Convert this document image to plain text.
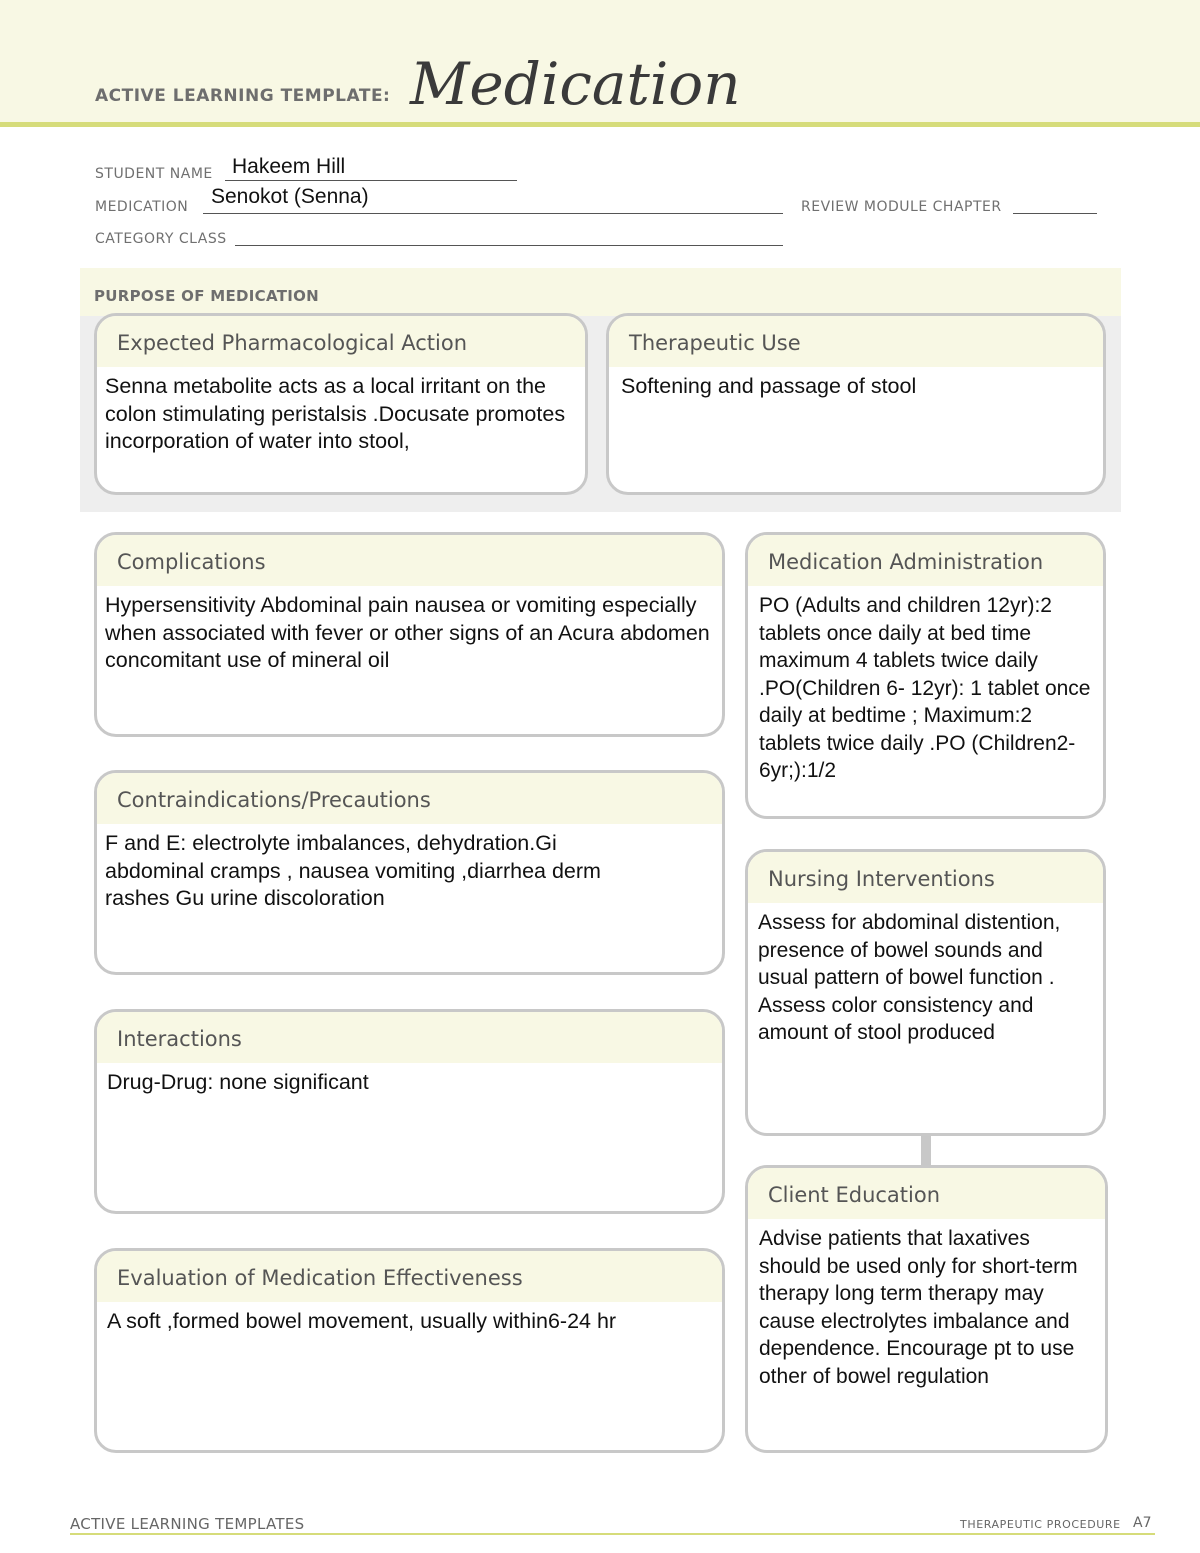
ACTIVE LEARNING TEMPLATE: Medication
STUDENT NAME Hakeem Hill
MEDICATION Senokot (Senna)	REVIEW MODULE CHAPTER
CATEGORY CLASS
PURPOSE OF MEDICATION
Expected Pharmacological Action

Senna metabolite acts as a local irritant on the colon stimulating peristalsis .Docusate promotes incorporation of water into stool,

Therapeutic Use

Softening and passage of stool

Complications

Hypersensitivity Abdominal pain nausea or vomiting especially when associated with fever or other signs of an Acura abdomen concomitant use of mineral oil

Contraindications/Precautions

F and E: electrolyte imbalances, dehydration.Gi abdominal cramps , nausea vomiting ,diarrhea derm rashes Gu urine discoloration

Interactions

Drug-Drug: none significant

Evaluation of Medication Effectiveness

A soft ,formed bowel movement, usually within6-24 hr

Medication Administration

PO (Adults and children 12yr):2 tablets once daily at bed time maximum 4 tablets twice daily .PO(Children 6- 12yr): 1 tablet once daily at bedtime ; Maximum:2 tablets twice daily .PO (Children2-6yr;):1/2

Nursing Interventions

Assess for abdominal distention, presence of bowel sounds and usual pattern of bowel function . Assess color consistency and amount of stool produced

Client Education

Advise patients that laxatives should be used only for short-term therapy long term therapy may cause electrolytes imbalance and dependence. Encourage pt to use other of bowel regulation

ACTIVE LEARNING TEMPLATES	THERAPEUTIC PROCEDURE A7
